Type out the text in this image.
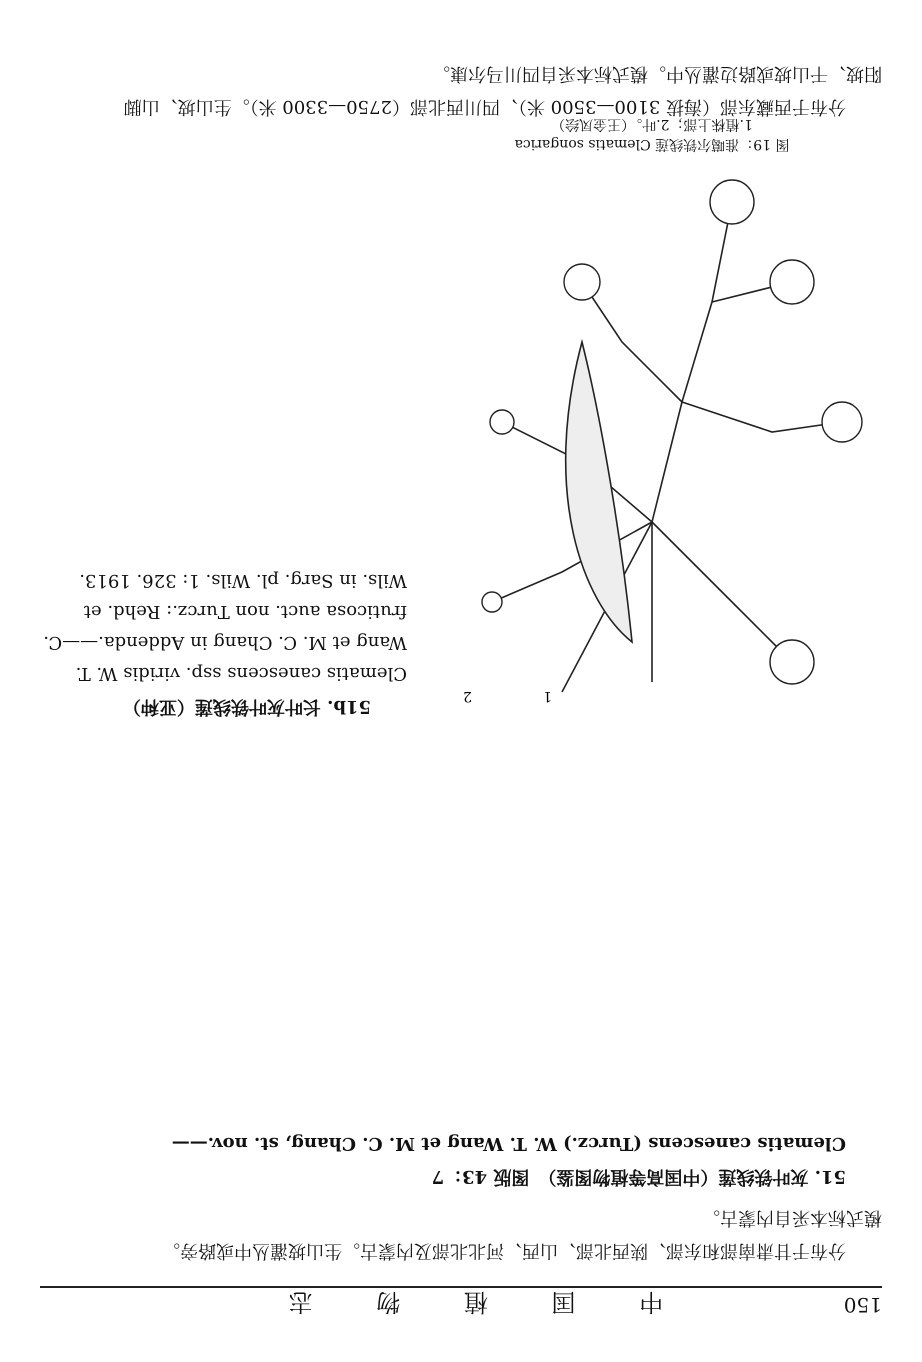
150
中 国 植 物 志

分布于甘肃南部和东部、陕西北部、山西、河北北部及内蒙古。生山坡灌丛中或路旁。

模式标本采自内蒙古。

51. 灰叶铁线莲（中国高等植物图鉴）　图版 43：7

Clematis canescens (Turcz.) W. T. Wang et M. C. Chang, st. nov.——

1
2
图 19：准噶尔铁线莲 Clematis songarica
1.植株上部；2.叶。（王金凤绘）

51b. 长叶灰叶铁线莲（亚种）

Clematis canescens ssp. viridis W. T. Wang et M. C. Chang in Addenda.——C. fruticosa auct. non Turcz.: Rehd. et Wils. in Sarg. pl. Wils. 1: 326. 1913.

分布于西藏东部（海拔 3100—3500 米）、四川西北部（2750—3300 米）。生山坡、山脚

阳坡、干山坡或路边灌丛中。模式标本采自四川马尔康。
